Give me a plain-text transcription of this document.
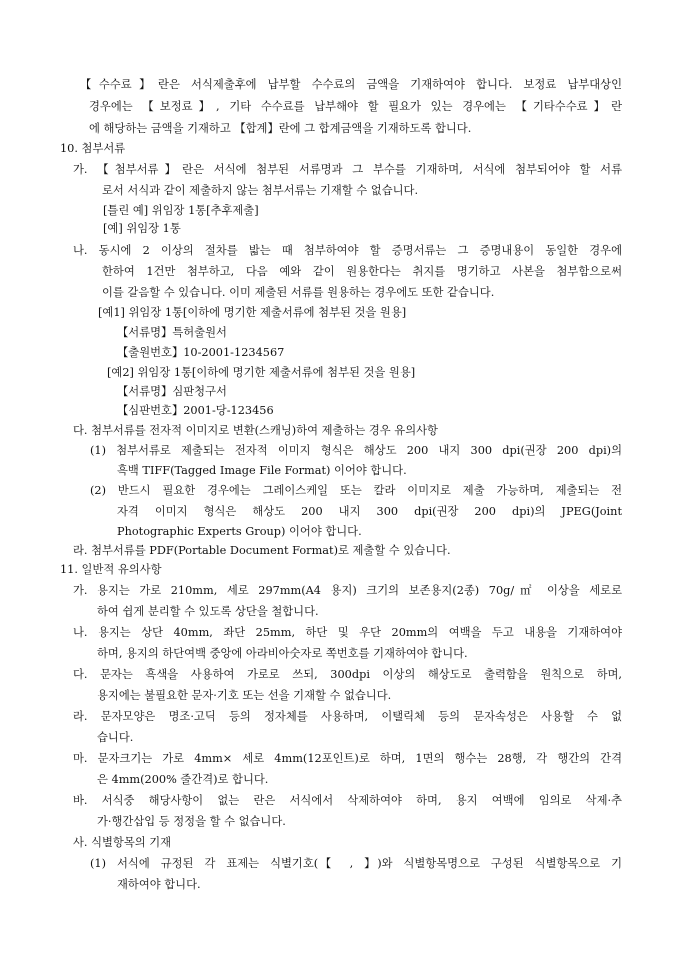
【수수료】란은 서식제출후에 납부할 수수료의 금액을 기재하여야 합니다. 보정료 납부대상인
경우에는 【보정료】, 기타 수수료를 납부해야 할 필요가 있는 경우에는 【기타수수료】란
에 해당하는 금액을 기재하고 【합계】란에 그 합계금액을 기재하도록 합니다.
10. 첨부서류
가. 【첨부서류】란은 서식에 첨부된 서류명과 그 부수를 기재하며, 서식에 첨부되어야 할 서류
로서 서식과 같이 제출하지 않는 첨부서류는 기재할 수 없습니다.
[틀린 예] 위임장 1통[추후제출]
[예] 위임장 1통
나. 동시에 2 이상의 절차를 밟는 때 첨부하여야 할 증명서류는 그 증명내용이 동일한 경우에
한하여 1건만 첨부하고, 다음 예와 같이 원용한다는 취지를 명기하고 사본을 첨부함으로써
이를 갈음할 수 있습니다. 이미 제출된 서류를 원용하는 경우에도 또한 같습니다.
[예1] 위임장 1통[이하에 명기한 제출서류에 첨부된 것을 원용]
【서류명】특허출원서
【출원번호】10-2001-1234567
[예2] 위임장 1통[이하에 명기한 제출서류에 첨부된 것을 원용]
【서류명】심판청구서
【심판번호】2001-당-123456
다. 첨부서류를 전자적 이미지로 변환(스캐닝)하여 제출하는 경우 유의사항
(1) 첨부서류로 제출되는 전자적 이미지 형식은 해상도 200 내지 300 dpi(권장 200 dpi)의
흑백 TIFF(Tagged Image File Format) 이어야 합니다.
(2) 반드시 필요한 경우에는 그레이스케일 또는 칼라 이미지로 제출 가능하며, 제출되는 전
자격 이미지 형식은 해상도 200 내지 300 dpi(권장 200 dpi)의 JPEG(Joint
Photographic Experts Group) 이어야 합니다.
라. 첨부서류를 PDF(Portable Document Format)로 제출할 수 있습니다.
11. 일반적 유의사항
가. 용지는 가로 210mm, 세로 297mm(A4 용지) 크기의 보존용지(2종) 70g/㎡ 이상을 세로로
하여 쉽게 분리할 수 있도록 상단을 철합니다.
나. 용지는 상단 40mm, 좌단 25mm, 하단 및 우단 20mm의 여백을 두고 내용을 기재하여야
하며, 용지의 하단여백 중앙에 아라비아숫자로 쪽번호를 기재하여야 합니다.
다. 문자는 흑색을 사용하여 가로로 쓰되, 300dpi 이상의 해상도로 출력함을 원칙으로 하며,
용지에는 불필요한 문자·기호 또는 선을 기재할 수 없습니다.
라. 문자모양은 명조·고딕 등의 정자체를 사용하며, 이탤릭체 등의 문자속성은 사용할 수 없
습니다.
마. 문자크기는 가로 4mm× 세로 4mm(12포인트)로 하며, 1면의 행수는 28행, 각 행간의 간격
은 4mm(200% 줄간격)로 합니다.
바. 서식중 해당사항이 없는 란은 서식에서 삭제하여야 하며, 용지 여백에 임의로 삭제·추
가·행간삽입 등 정정을 할 수 없습니다.
사. 식별항목의 기재
(1) 서식에 규정된 각 표제는 식별기호(【 , 】)와 식별항목명으로 구성된 식별항목으로 기
재하여야 합니다.
